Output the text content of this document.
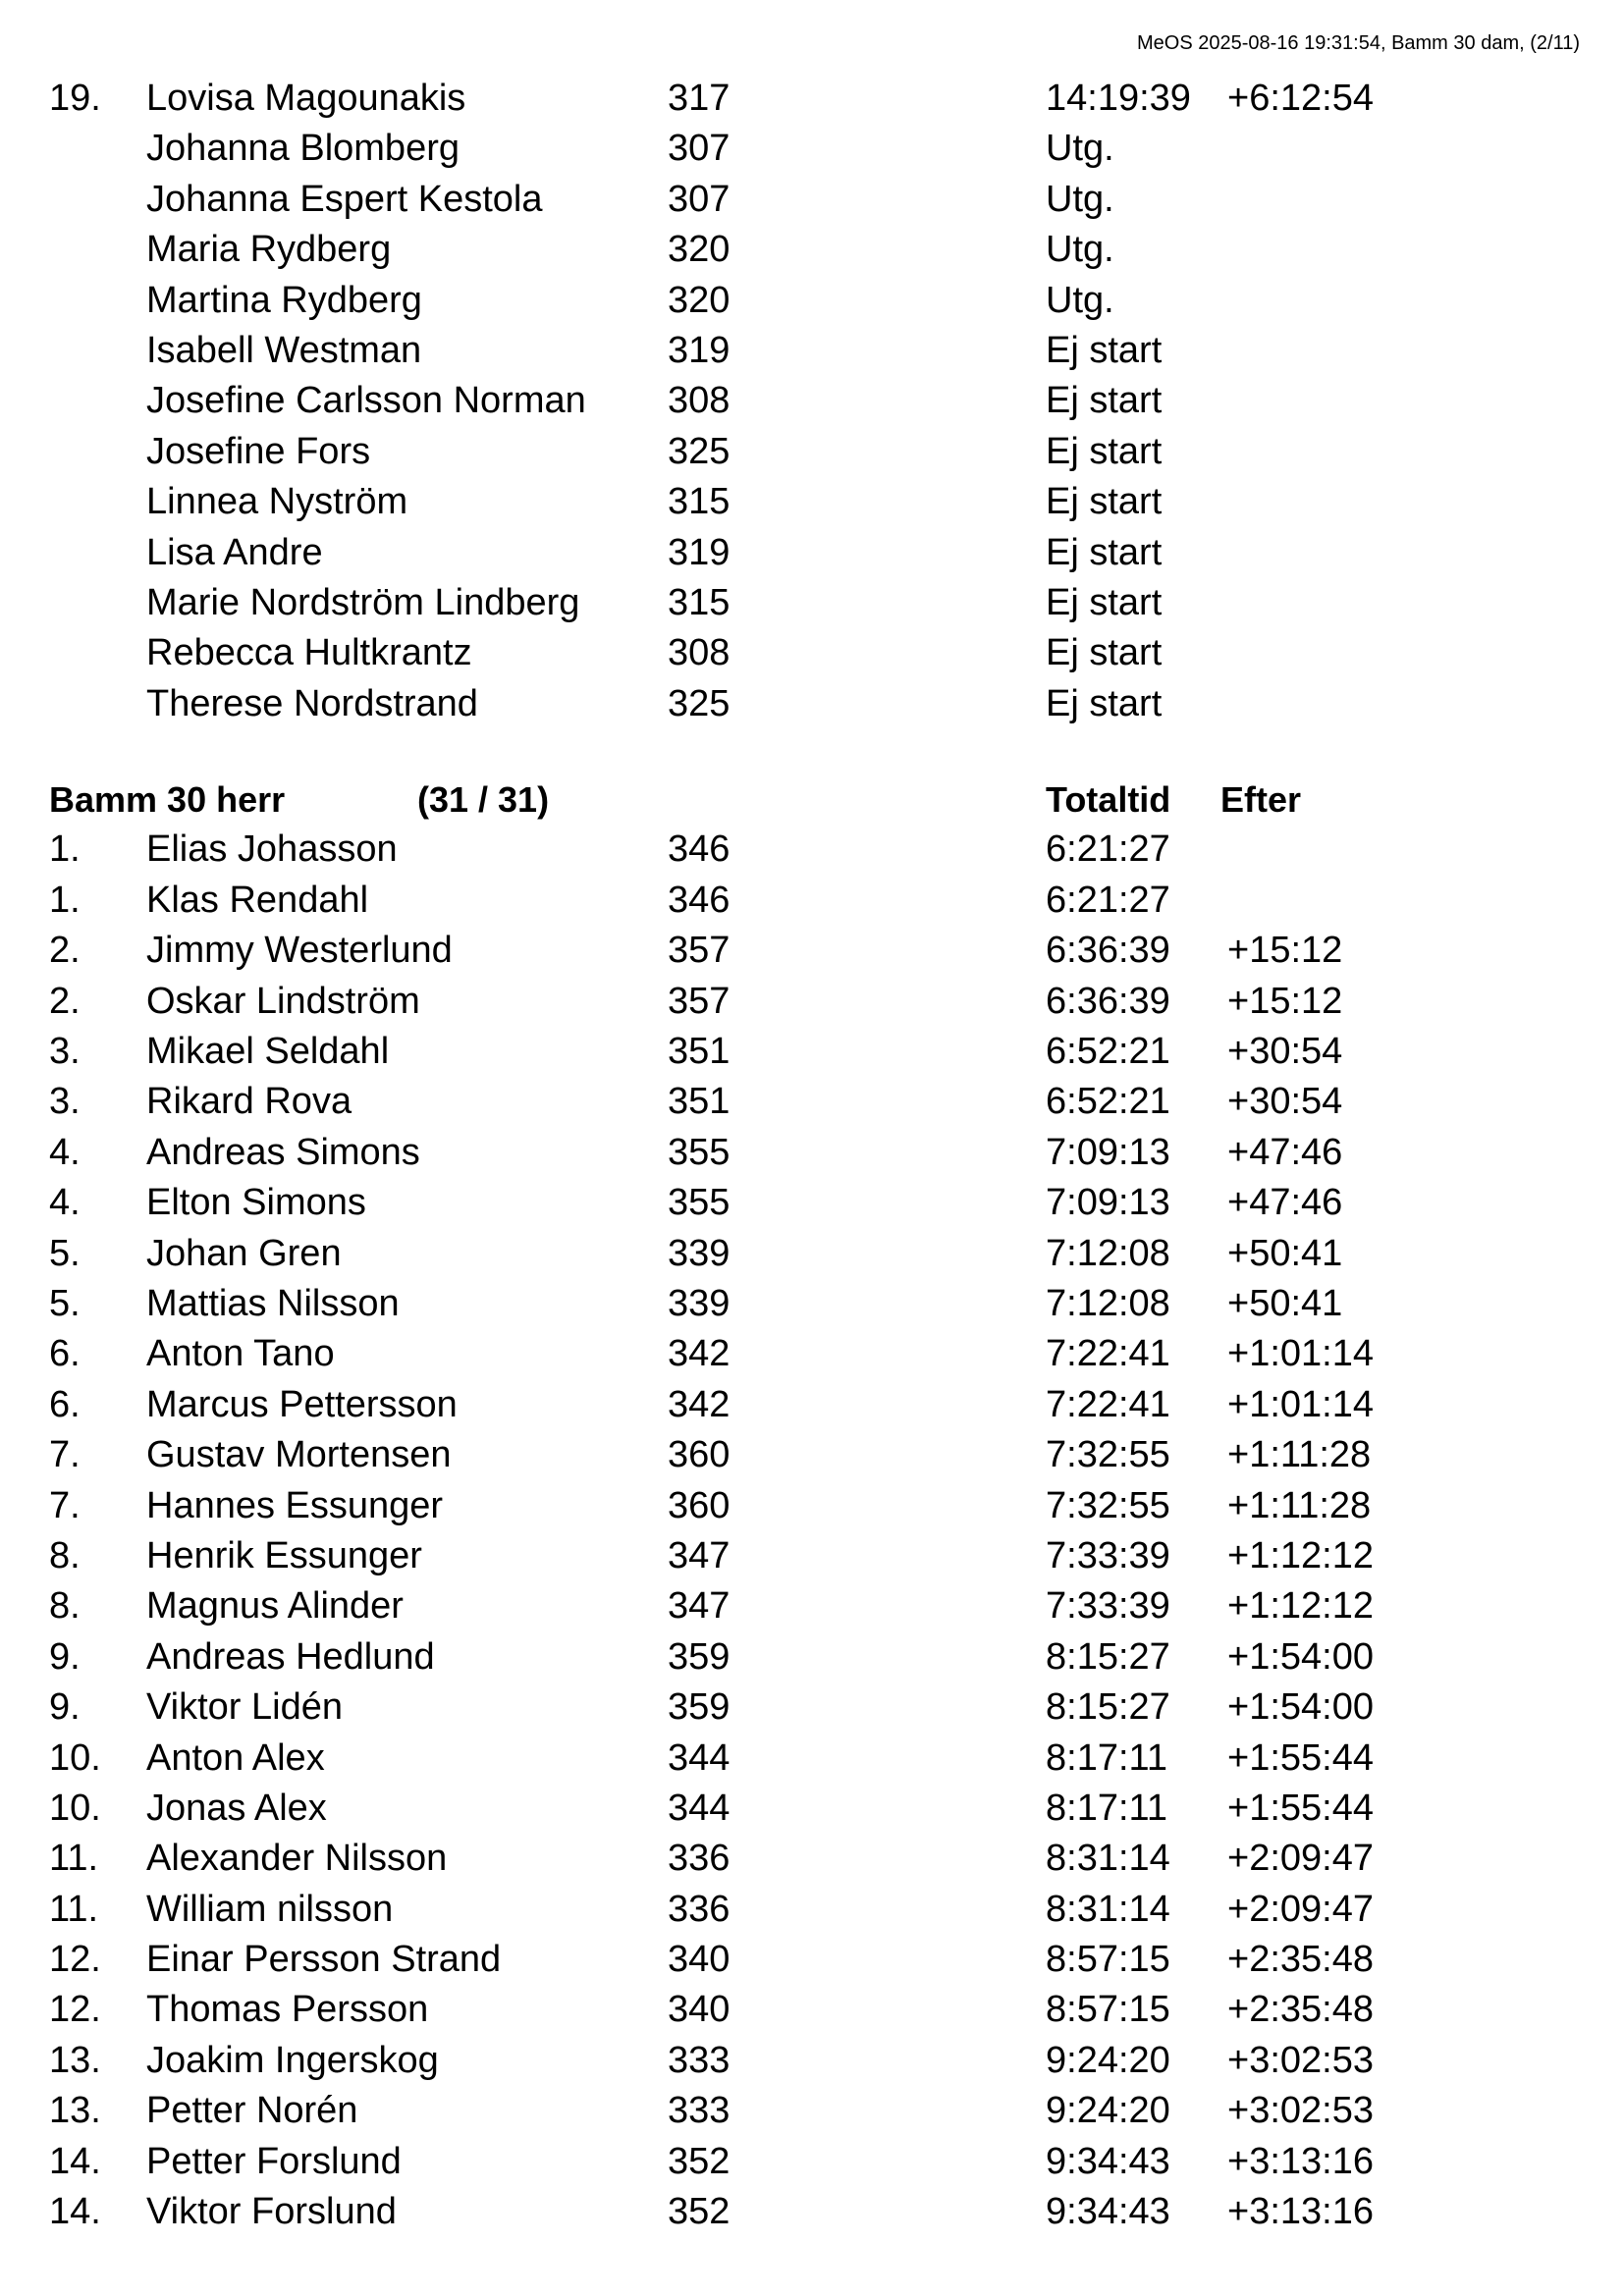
MeOS 2025-08-16 19:31:54, Bamm 30 dam, (2/11)
19. Lovisa Magounakis	317	14:19:39 +6:12:54
Johanna Blomberg	307	Utg.
Johanna Espert Kestola	307	Utg.
Maria Rydberg	320	Utg.
Martina Rydberg	320	Utg.
Isabell Westman	319	Ej start
Josefine Carlsson Norman 308	Ej start
Josefine Fors	325	Ej start
Linnea Nyström	315	Ej start
Lisa Andre	319	Ej start
Marie Nordström Lindberg 315	Ej start
Rebecca Hultkrantz	308	Ej start
Therese Nordstrand	325	Ej start
Bamm 30 herr	(31 / 31)	Totaltid Efter
1. Elias Johasson	346	6:21:27
1. Klas Rendahl	346	6:21:27
2. Jimmy Westerlund	357	6:36:39 +15:12
2. Oskar Lindström	357	6:36:39 +15:12
3. Mikael Seldahl	351	6:52:21 +30:54
3. Rikard Rova	351	6:52:21 +30:54
4. Andreas Simons	355	7:09:13 +47:46
4. Elton Simons	355	7:09:13 +47:46
5. Johan Gren	339	7:12:08 +50:41
5. Mattias Nilsson	339	7:12:08 +50:41
6. Anton Tano	342	7:22:41 +1:01:14
6. Marcus Pettersson	342	7:22:41 +1:01:14
7. Gustav Mortensen	360	7:32:55 +1:11:28
7. Hannes Essunger	360	7:32:55 +1:11:28
8. Henrik Essunger	347	7:33:39 +1:12:12
8. Magnus Alinder	347	7:33:39 +1:12:12
9. Andreas Hedlund	359	8:15:27 +1:54:00
9. Viktor Lidén	359	8:15:27 +1:54:00
10. Anton Alex	344	8:17:11 +1:55:44
10. Jonas Alex	344	8:17:11 +1:55:44
11. Alexander Nilsson	336	8:31:14 +2:09:47
11. William nilsson	336	8:31:14 +2:09:47
12. Einar Persson Strand	340	8:57:15 +2:35:48
12. Thomas Persson	340	8:57:15 +2:35:48
13. Joakim Ingerskog	333	9:24:20 +3:02:53
13. Petter Norén	333	9:24:20 +3:02:53
14. Petter Forslund	352	9:34:43 +3:13:16
14. Viktor Forslund	352	9:34:43 +3:13:16
